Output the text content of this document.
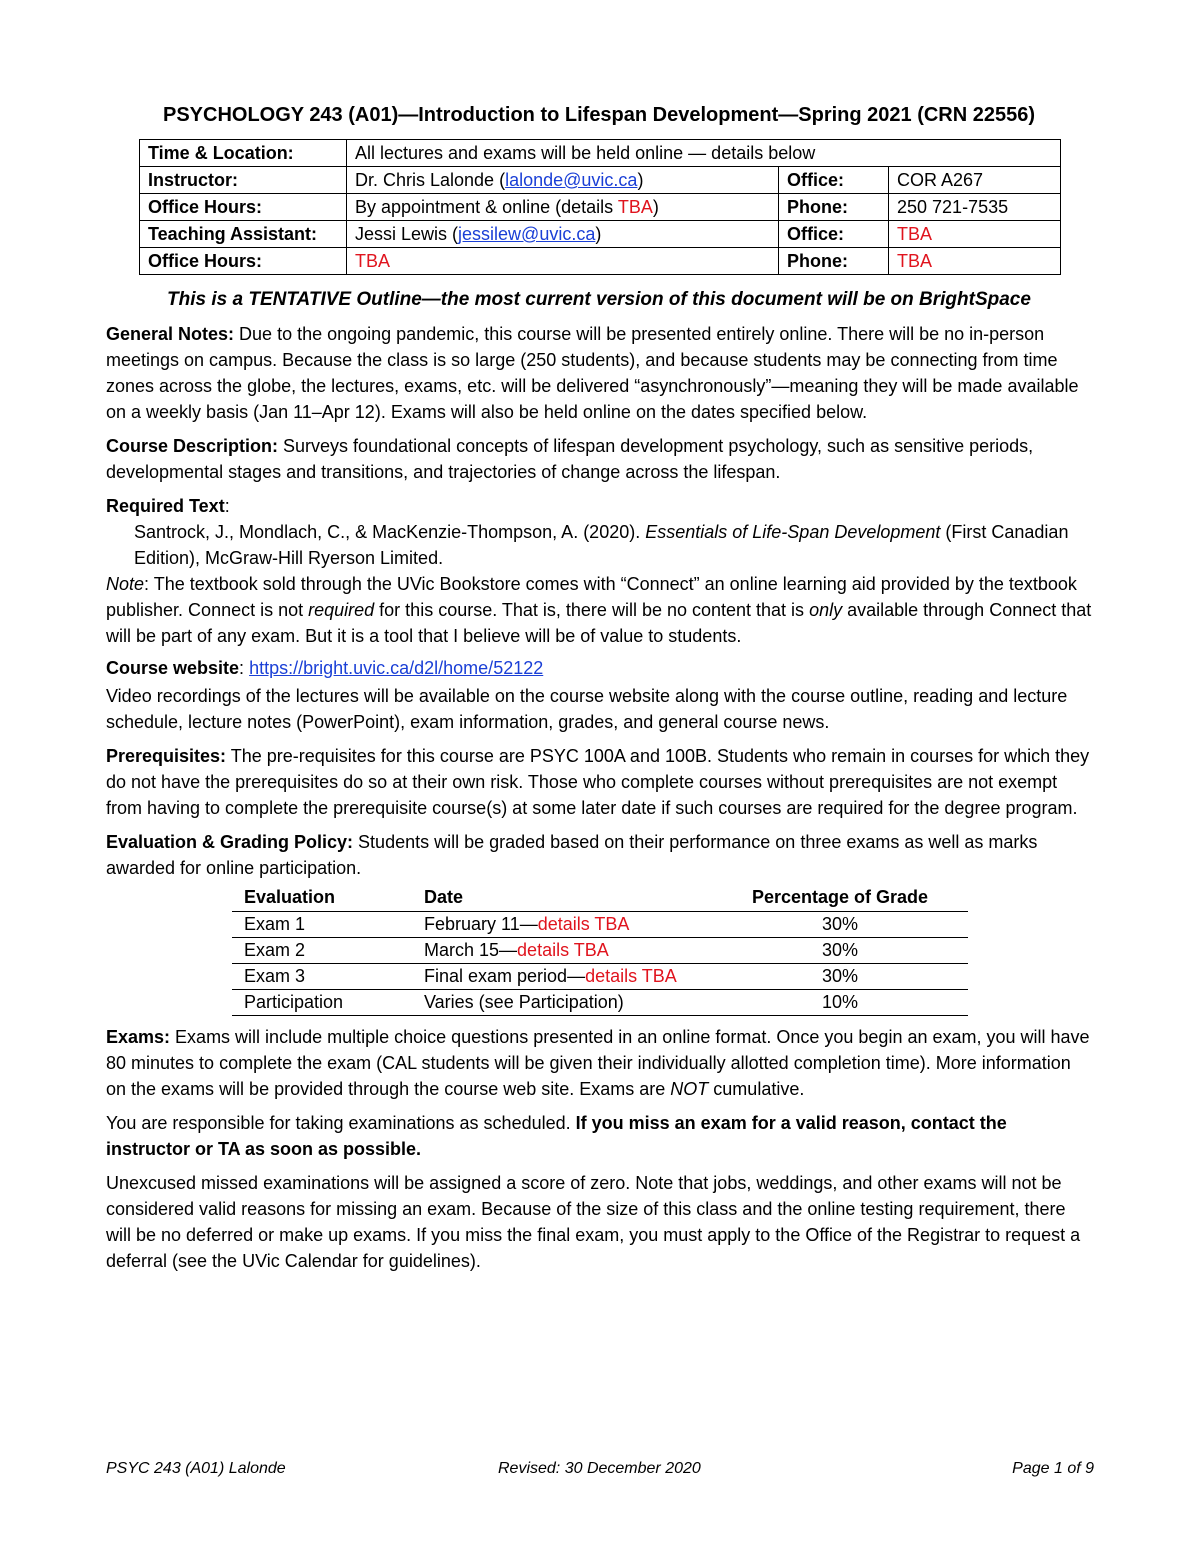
PSYCHOLOGY 243 (A01)—Introduction to Lifespan Development—Spring 2021 (CRN 22556)
Time & Location:	All lectures and exams will be held online — details below		
Instructor:	Dr. Chris Lalonde (lalonde@uvic.ca)	Office:	COR A267
Office Hours:	By appointment & online (details TBA)	Phone:	250 721-7535
Teaching Assistant:	Jessi Lewis (jessilew@uvic.ca)	Office:	TBA
Office Hours:	TBA	Phone:	TBA
This is a TENTATIVE Outline—the most current version of this document will be on BrightSpace

General Notes: Due to the ongoing pandemic, this course will be presented entirely online. There will be no in-person meetings on campus. Because the class is so large (250 students), and because students may be connecting from time zones across the globe, the lectures, exams, etc. will be delivered “asynchronously”—meaning they will be made available on a weekly basis (Jan 11–Apr 12). Exams will also be held online on the dates specified below.

Course Description: Surveys foundational concepts of lifespan development psychology, such as sensitive periods, developmental stages and transitions, and trajectories of change across the lifespan.

Required Text:

Santrock, J., Mondlach, C., & MacKenzie-Thompson, A. (2020). Essentials of Life-Span Development (First Canadian Edition), McGraw-Hill Ryerson Limited.

Note: The textbook sold through the UVic Bookstore comes with “Connect” an online learning aid provided by the textbook publisher. Connect is not required for this course. That is, there will be no content that is only available through Connect that will be part of any exam. But it is a tool that I believe will be of value to students.

Course website: https://bright.uvic.ca/d2l/home/52122

Video recordings of the lectures will be available on the course website along with the course outline, reading and lecture schedule, lecture notes (PowerPoint), exam information, grades, and general course news.

Prerequisites: The pre-requisites for this course are PSYC 100A and 100B. Students who remain in courses for which they do not have the prerequisites do so at their own risk. Those who complete courses without prerequisites are not exempt from having to complete the prerequisite course(s) at some later date if such courses are required for the degree program.

Evaluation & Grading Policy: Students will be graded based on their performance on three exams as well as marks awarded for online participation.

Evaluation	Date	Percentage of Grade
Exam 1	February 11—details TBA	30%
Exam 2	March 15—details TBA	30%
Exam 3	Final exam period—details TBA	30%
Participation	Varies (see Participation)	10%

Exams: Exams will include multiple choice questions presented in an online format. Once you begin an exam, you will have 80 minutes to complete the exam (CAL students will be given their individually allotted completion time). More information on the exams will be provided through the course web site. Exams are NOT cumulative.

You are responsible for taking examinations as scheduled. If you miss an exam for a valid reason, contact the instructor or TA as soon as possible.

Unexcused missed examinations will be assigned a score of zero. Note that jobs, weddings, and other exams will not be considered valid reasons for missing an exam. Because of the size of this class and the online testing requirement, there will be no deferred or make up exams. If you miss the final exam, you must apply to the Office of the Registrar to request a deferral (see the UVic Calendar for guidelines).

PSYC 243 (A01) Lalonde	Revised: 30 December 2020	Page 1 of 9
